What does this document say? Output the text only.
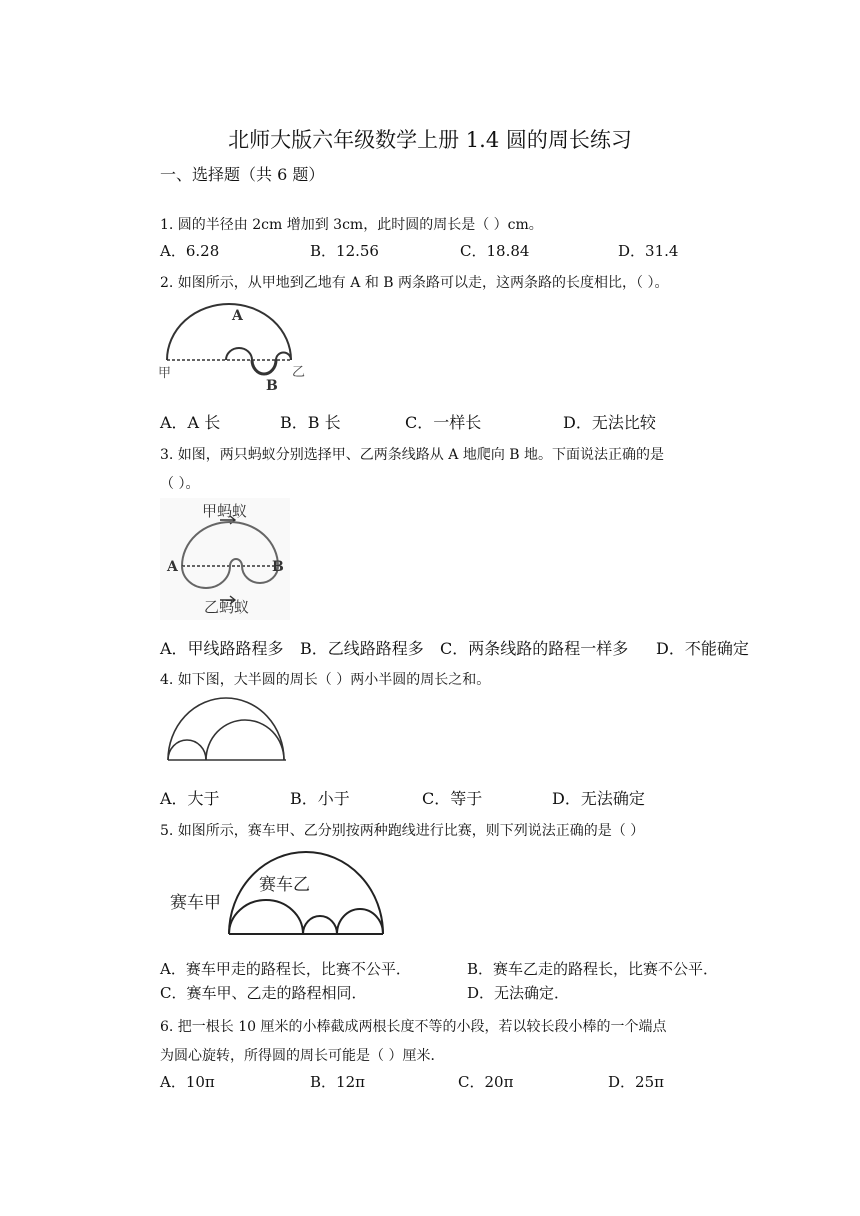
北师大版六年级数学上册 1.4 圆的周长练习
一、选择题（共 6 题）
1. 圆的半径由 2cm 增加到 3cm，此时圆的周长是（ ）cm。
A．6.28	B．12.56	C．18.84	D．31.4
2. 如图所示，从甲地到乙地有 A 和 B 两条路可以走，这两条路的长度相比，（ ）。
甲	乙
A
B
A．A 长	B．B 长	C．一样长	D．无法比较
3. 如图，两只蚂蚁分别选择甲、乙两条线路从 A 地爬向 B 地。下面说法正确的是
（ ）。
甲蚂蚁
A	B
乙蚂蚁
A．甲线路路程多 B．乙线路路程多 C．两条线路的路程一样多 D．不能确定
4. 如下图，大半圆的周长（ ）两小半圆的周长之和。
A．大于	B．小于	C．等于	D．无法确定
5. 如图所示，赛车甲、乙分别按两种跑线进行比赛，则下列说法正确的是（ ）
赛车甲
赛车乙
A．赛车甲走的路程长，比赛不公平．	B．赛车乙走的路程长，比赛不公平．
C．赛车甲、乙走的路程相同．	D．无法确定．
6. 把一根长 10 厘米的小棒截成两根长度不等的小段，若以较长段小棒的一个端点
为圆心旋转，所得圆的周长可能是（ ）厘米．
A．10π	B．12π	C．20π	D．25π
